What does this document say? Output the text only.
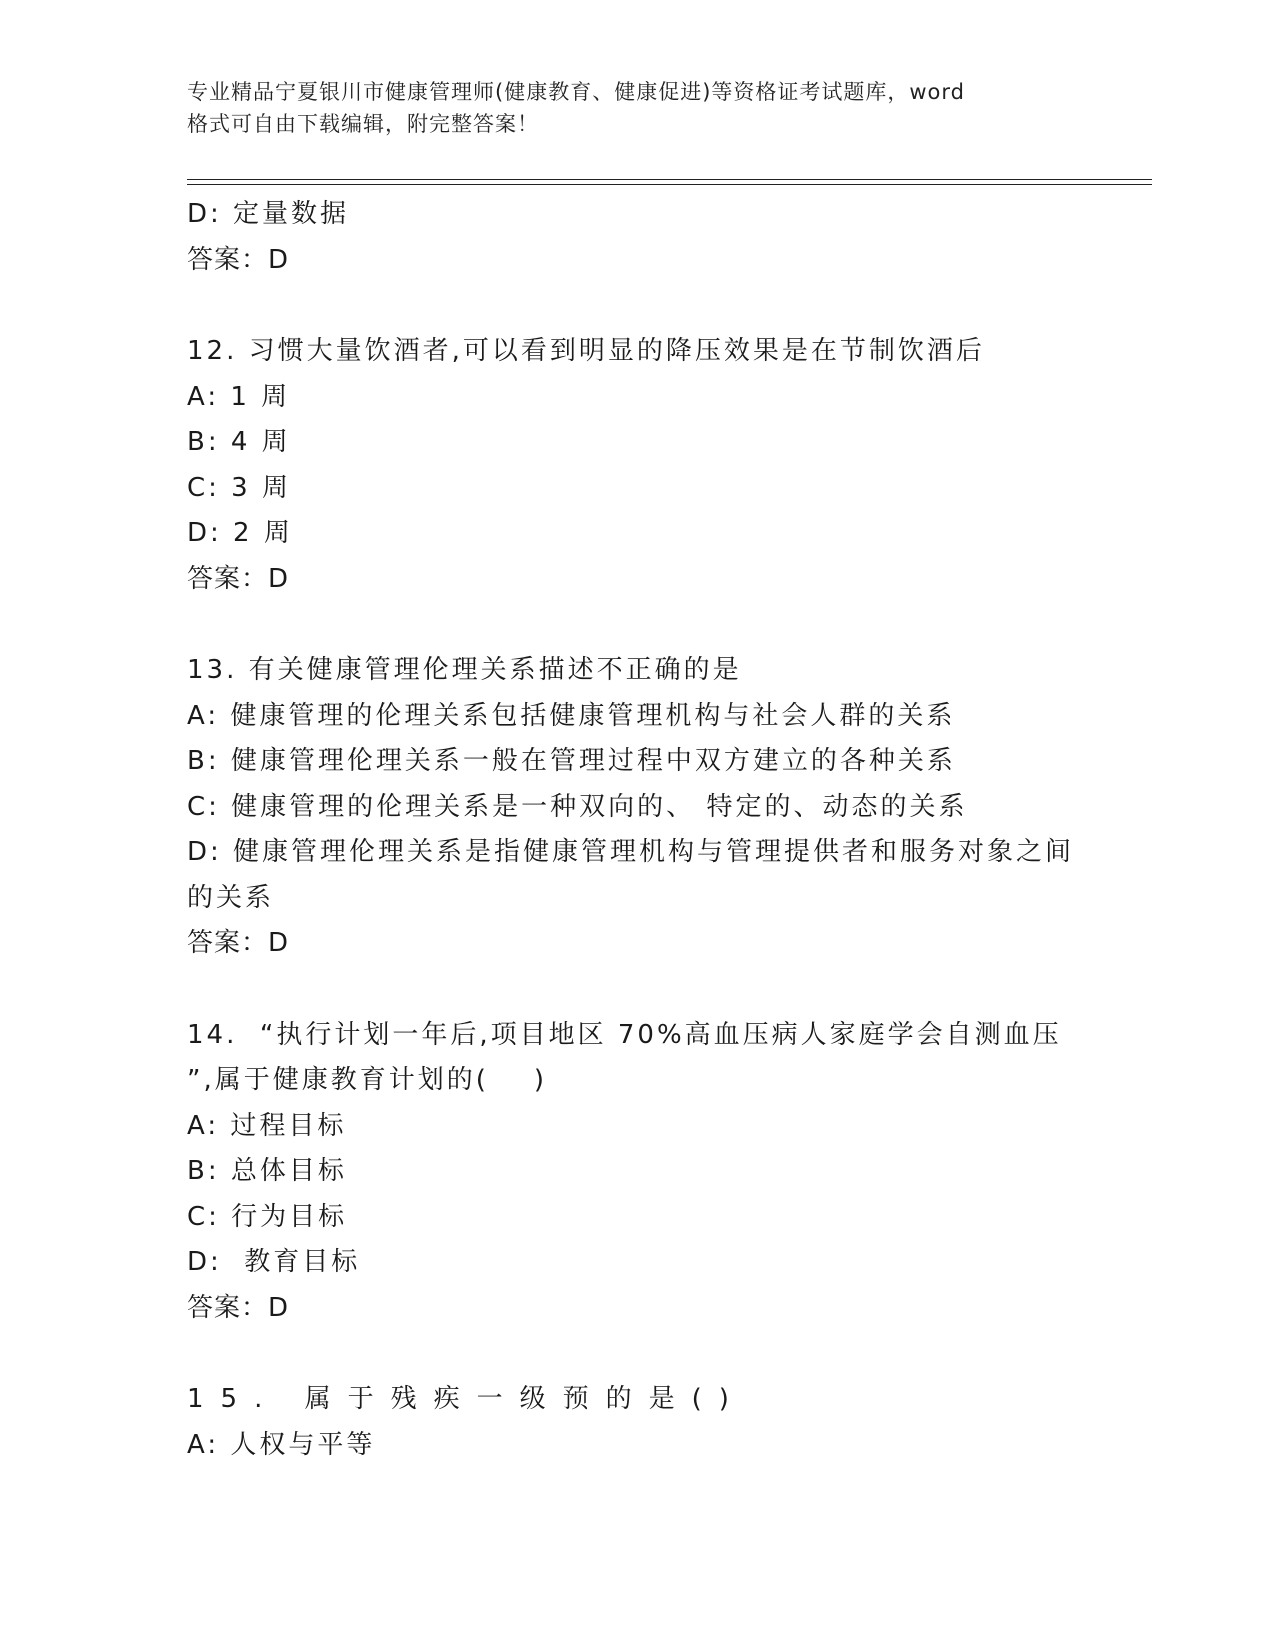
专业精品宁夏银川市健康管理师(健康教育、健康促进)等资格证考试题库，word
格式可自由下载编辑，附完整答案！
D: 定量数据
答案：D
12. 习惯大量饮酒者,可以看到明显的降压效果是在节制饮酒后
A: 1 周
B: 4 周
C: 3 周
D: 2 周
答案：D
13. 有关健康管理伦理关系描述不正确的是
A: 健康管理的伦理关系包括健康管理机构与社会人群的关系
B: 健康管理伦理关系一般在管理过程中双方建立的各种关系
C: 健康管理的伦理关系是一种双向的、 特定的、动态的关系
D: 健康管理伦理关系是指健康管理机构与管理提供者和服务对象之间
的关系
答案：D
14.  “执行计划一年后,项目地区 70%高血压病人家庭学会自测血压
”,属于健康教育计划的(    )
A: 过程目标
B: 总体目标
C: 行为目标
D:  教育目标
答案：D
15. 属于残疾一级预的是()
A: 人权与平等
